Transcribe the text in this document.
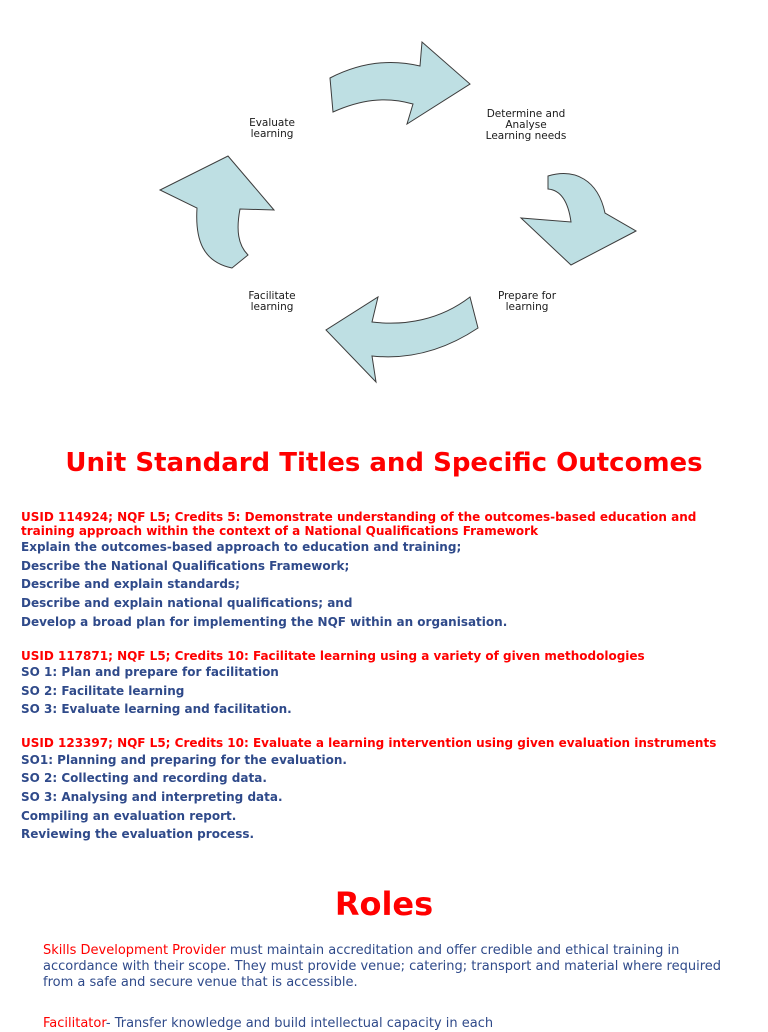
Determine and
Analyse
Learning needs
Prepare for
learning
Facilitate
learning
Evaluate
learning
Unit Standard Titles and Specific Outcomes
USID 114924; NQF L5; Credits 5: Demonstrate understanding of the outcomes-based education and training approach within the context of a National Qualifications Framework
Explain the outcomes-based approach to education and training;
Describe the National Qualifications Framework;
Describe and explain standards;
Describe and explain national qualifications; and
Develop a broad plan for implementing the NQF within an organisation.
USID 117871; NQF L5; Credits 10: Facilitate learning using a variety of given methodologies
SO 1: Plan and prepare for facilitation
SO 2: Facilitate learning
SO 3: Evaluate learning and facilitation.
USID 123397; NQF L5; Credits 10: Evaluate a learning intervention using given evaluation instruments
SO1: Planning and preparing for the evaluation.
SO 2: Collecting and recording data.
SO 3: Analysing and interpreting data.
Compiling an evaluation report.
Reviewing the evaluation process.
Roles

Skills Development Provider must maintain accreditation and offer credible and ethical training in accordance with their scope. They must provide venue; catering; transport and material where required from a safe and secure venue that is accessible.

Facilitator- Transfer knowledge and build intellectual capacity in each
